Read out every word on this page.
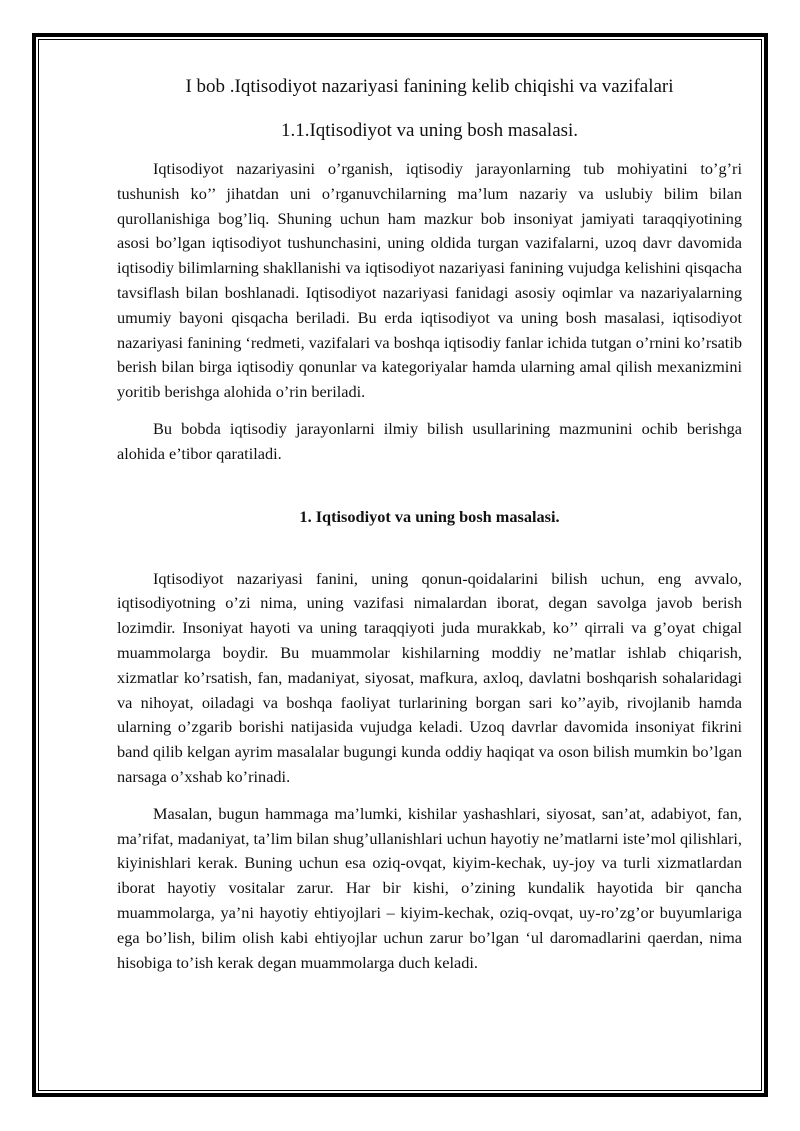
I bob .Iqtisodiyot nazariyasi fanining kelib chiqishi va vazifalari
1.1.Iqtisodiyot va uning bosh masalasi.

Iqtisodiyot nazariyasini o’rganish, iqtisodiy jarayonlarning tub mohiyatini to’g’ri tushunish ko’’ jihatdan uni o’rganuvchilarning ma’lum nazariy va uslubiy bilim bilan qurollanishiga bog’liq. Shuning uchun ham mazkur bob insoniyat jamiyati taraqqiyotining asosi bo’lgan iqtisodiyot tushunchasini, uning oldida turgan vazifalarni, uzoq davr davomida iqtisodiy bilimlarning shakllanishi va iqtisodiyot nazariyasi fanining vujudga kelishini qisqacha tavsiflash bilan boshlanadi. Iqtisodiyot nazariyasi fanidagi asosiy oqimlar va nazariyalarning umumiy bayoni qisqacha beriladi. Bu erda iqtisodiyot va uning bosh masalasi, iqtisodiyot nazariyasi fanining ‘redmeti, vazifalari va boshqa iqtisodiy fanlar ichida tutgan o’rnini ko’rsatib berish bilan birga iqtisodiy qonunlar va kategoriyalar hamda ularning amal qilish mexanizmini yoritib berishga alohida o’rin beriladi.

Bu bobda iqtisodiy jarayonlarni ilmiy bilish usullarining mazmunini ochib berishga alohida e’tibor qaratiladi.

1. Iqtisodiyot va uning bosh masalasi.

Iqtisodiyot nazariyasi fanini, uning qonun-qoidalarini bilish uchun, eng avvalo, iqtisodiyotning o’zi nima, uning vazifasi nimalardan iborat, degan savolga javob berish lozimdir. Insoniyat hayoti va uning taraqqiyoti juda murakkab, ko’’ qirrali va g’oyat chigal muammolarga boydir. Bu muammolar kishilarning moddiy ne’matlar ishlab chiqarish, xizmatlar ko’rsatish, fan, madaniyat, siyosat, mafkura, axloq, davlatni boshqarish sohalaridagi va nihoyat, oiladagi va boshqa faoliyat turlarining borgan sari ko’’ayib, rivojlanib hamda ularning o’zgarib borishi natijasida vujudga keladi. Uzoq davrlar davomida insoniyat fikrini band qilib kelgan ayrim masalalar bugungi kunda oddiy haqiqat va oson bilish mumkin bo’lgan narsaga o’xshab ko’rinadi.

Masalan, bugun hammaga ma’lumki, kishilar yashashlari, siyosat, san’at, adabiyot, fan, ma’rifat, madaniyat, ta’lim bilan shug’ullanishlari uchun hayotiy ne’matlarni iste’mol qilishlari, kiyinishlari kerak. Buning uchun esa oziq-ovqat, kiyim-kechak, uy-joy va turli xizmatlardan iborat hayotiy vositalar zarur. Har bir kishi, o’zining kundalik hayotida bir qancha muammolarga, ya’ni hayotiy ehtiyojlari – kiyim-kechak, oziq-ovqat, uy-ro’zg’or buyumlariga ega bo’lish, bilim olish kabi ehtiyojlar uchun zarur bo’lgan ‘ul daromadlarini qaerdan, nima hisobiga to’ish kerak degan muammolarga duch keladi.
